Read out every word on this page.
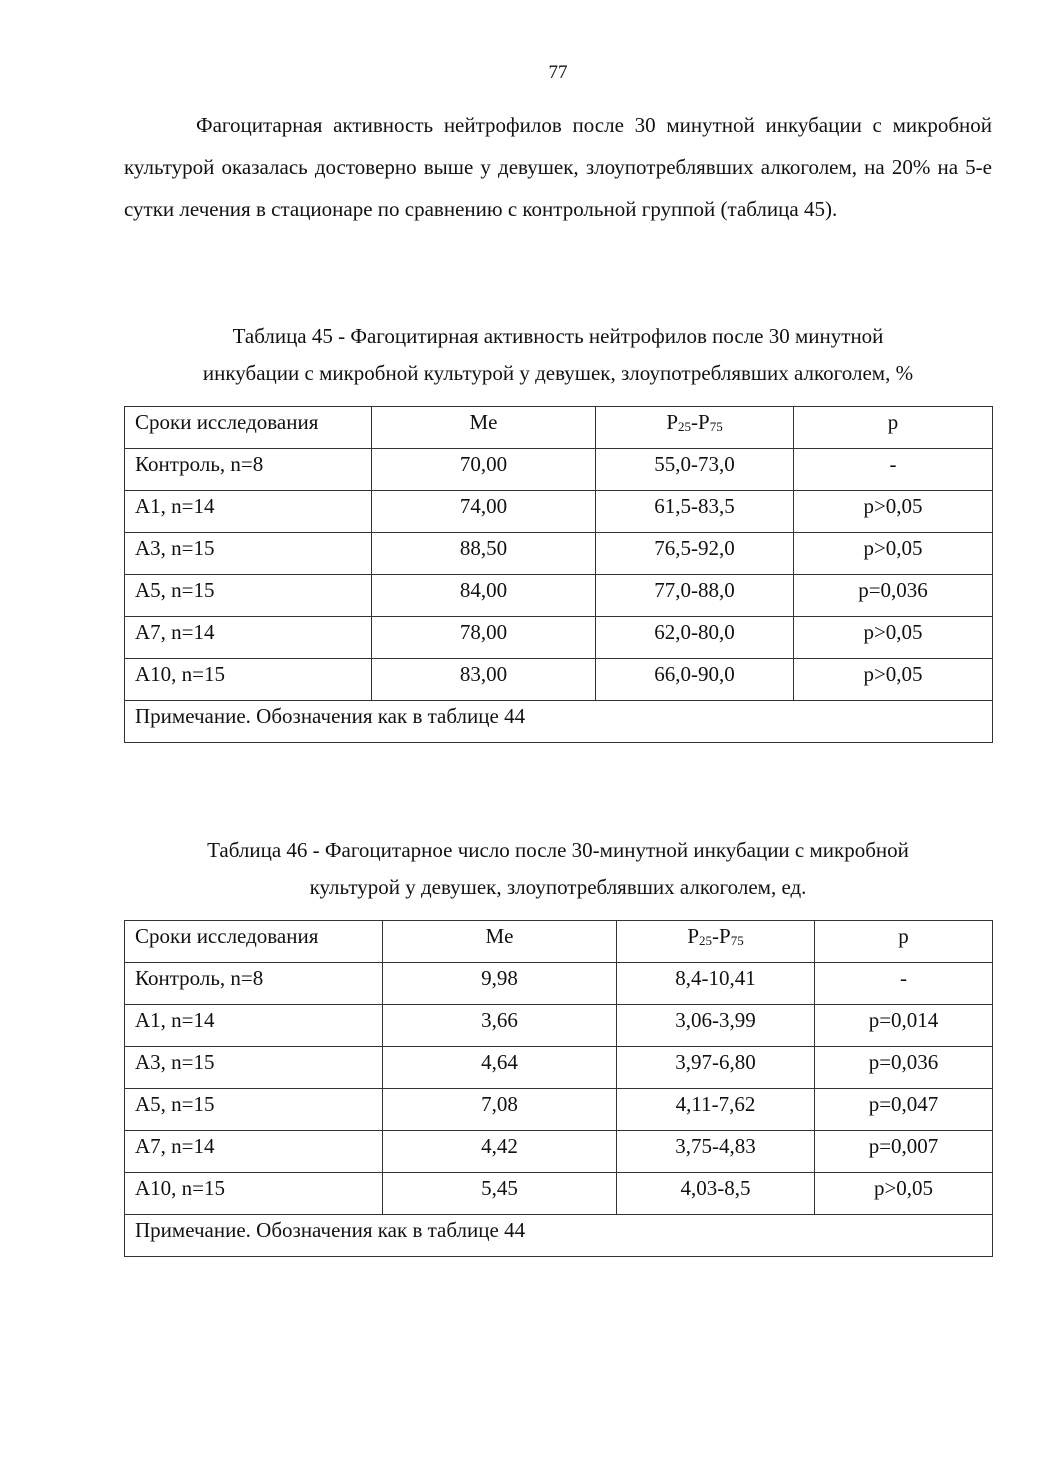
77

Фагоцитарная активность нейтрофилов после 30 минутной инкубации с микробной культурой оказалась достоверно выше у девушек, злоупотреблявших алкоголем, на 20% на 5-е сутки лечения в стационаре по сравнению с контрольной группой (таблица 45).

Таблица 45 - Фагоцитирная активность нейтрофилов после 30 минутной
инкубации с микробной культурой у девушек, злоупотреблявших алкоголем, %

Сроки исследования	Me	$P_{25}-P_{75}$	p
Контроль, n=8	70,00	55,0-73,0	-
А1, n=14	74,00	61,5-83,5	p>0,05
А3, n=15	88,50	76,5-92,0	p>0,05
А5, n=15	84,00	77,0-88,0	p=0,036
А7, n=14	78,00	62,0-80,0	p>0,05
А10, n=15	83,00	66,0-90,0	p>0,05
Примечание. Обозначения как в таблице 44			

Таблица 46 - Фагоцитарное число после 30-минутной инкубации с микробной
культурой у девушек, злоупотреблявших алкоголем, ед.

Сроки исследования	Me	$P_{25}-P_{75}$	p
Контроль, n=8	9,98	8,4-10,41	-
А1, n=14	3,66	3,06-3,99	p=0,014
А3, n=15	4,64	3,97-6,80	p=0,036
А5, n=15	7,08	4,11-7,62	p=0,047
А7, n=14	4,42	3,75-4,83	p=0,007
А10, n=15	5,45	4,03-8,5	p>0,05
Примечание. Обозначения как в таблице 44			
